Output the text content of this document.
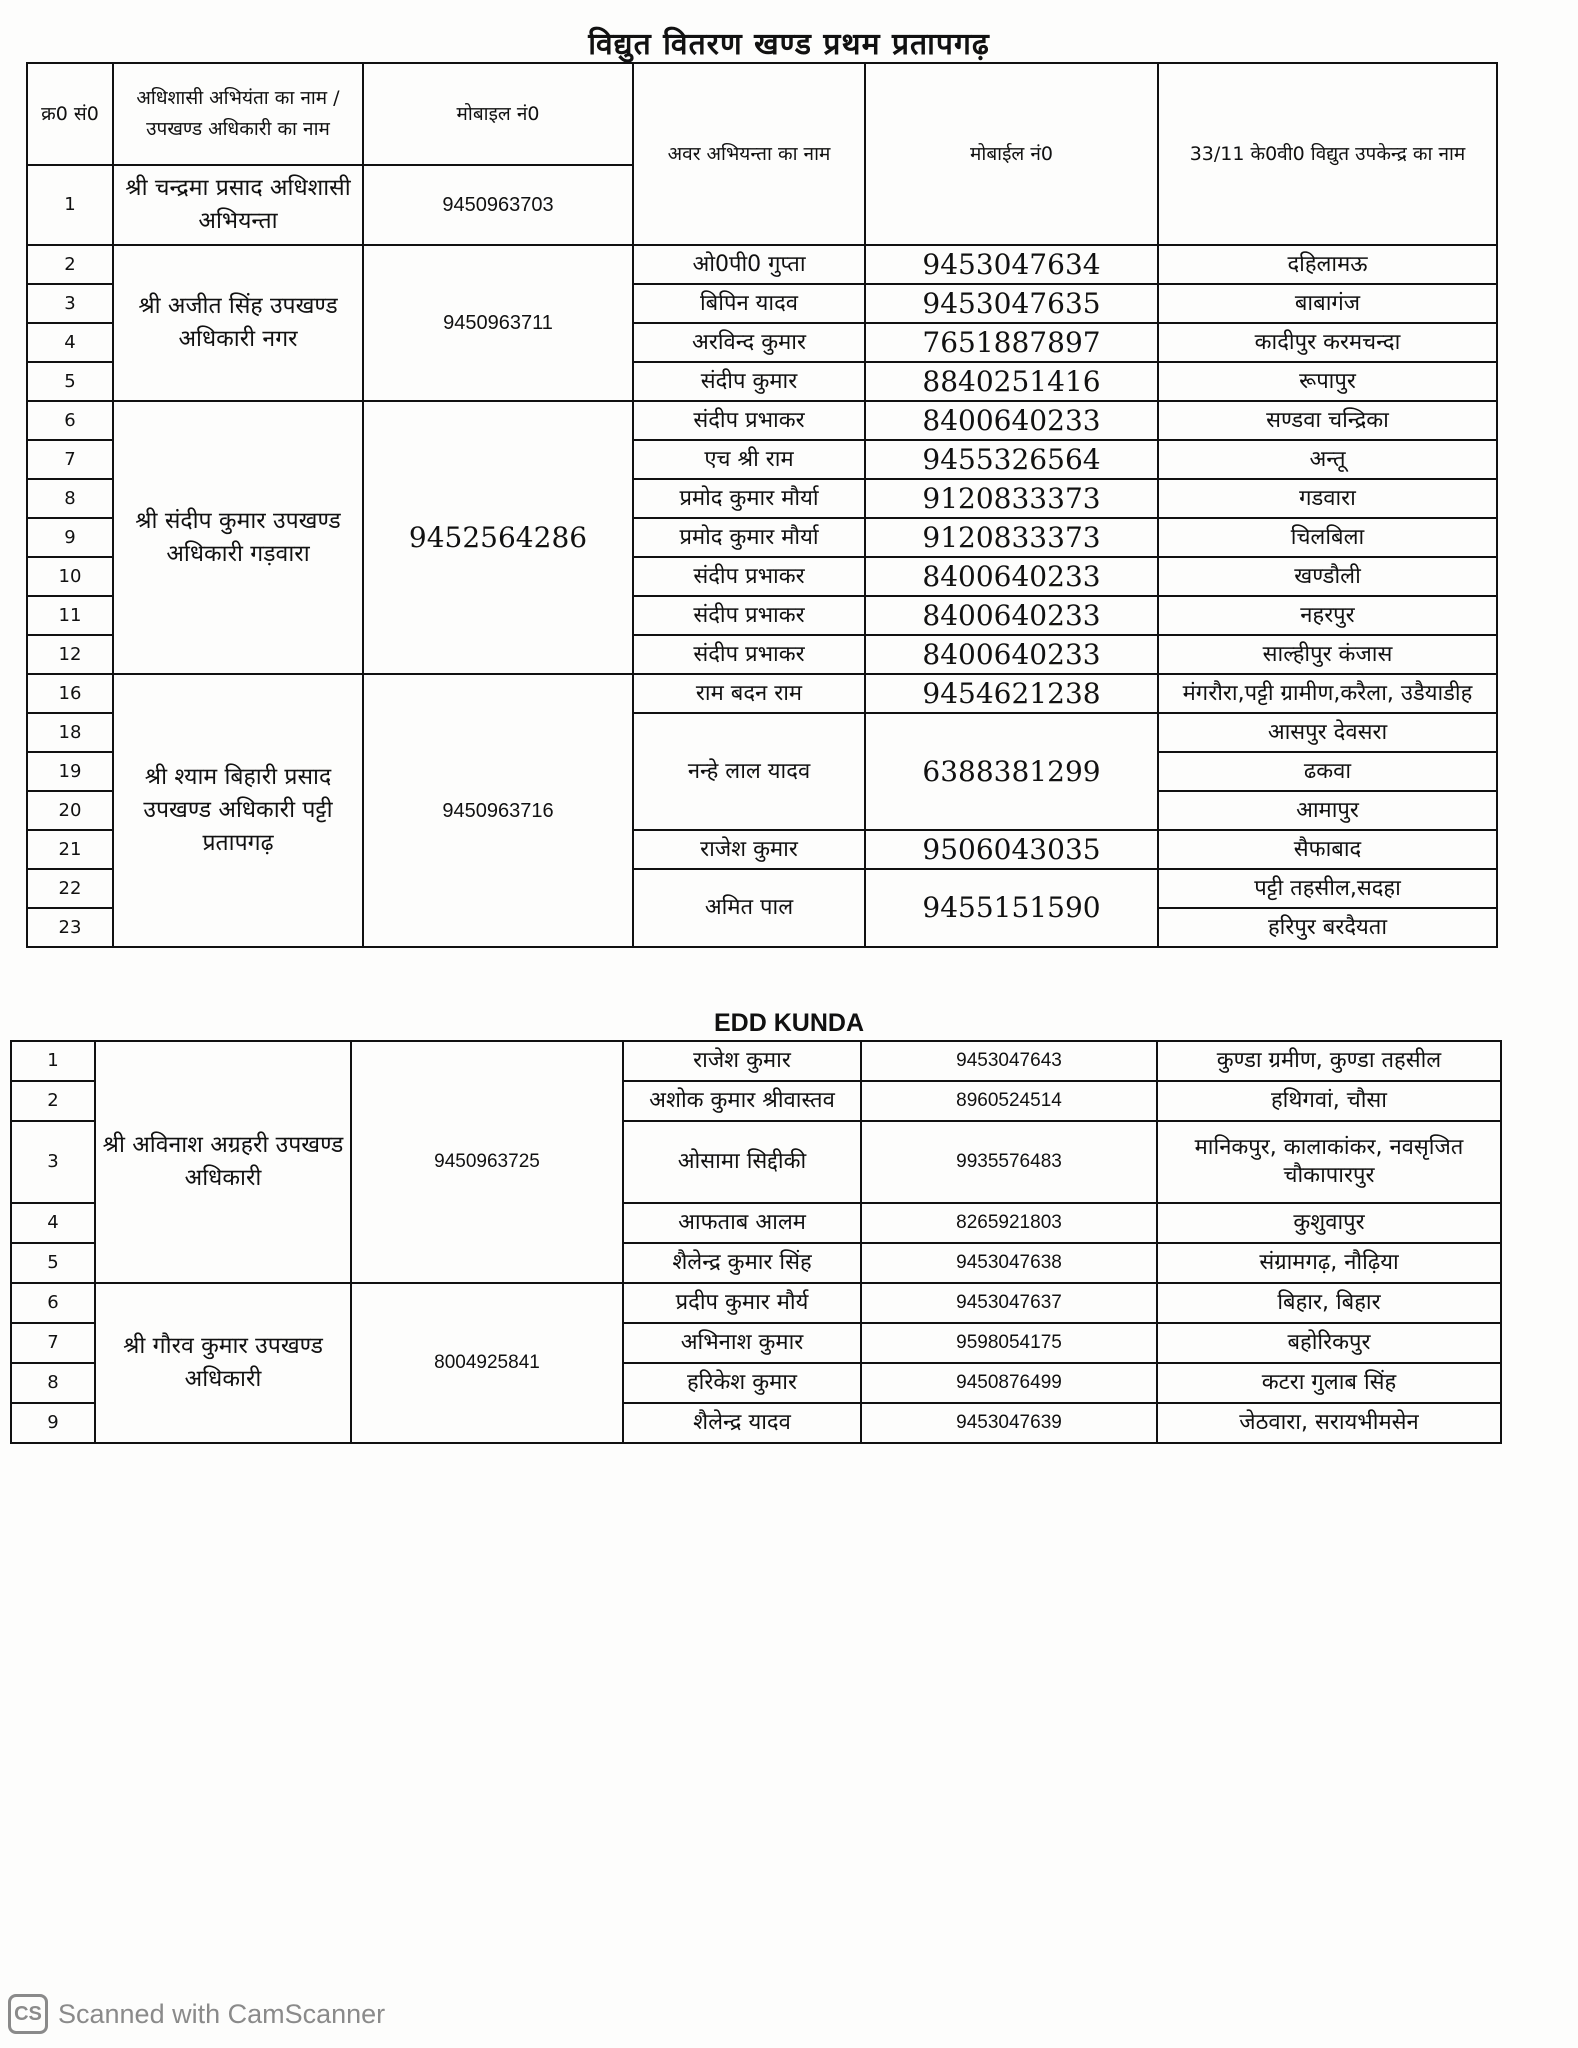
विद्युत वितरण खण्ड प्रथम प्रतापगढ़
क्र0 सं0	अधिशासी अभियंता का नाम / उपखण्ड अधिकारी का नाम	मोबाइल नं0	अवर अभियन्ता का नाम	मोबाईल नं0	33/11 के0वी0 विद्युत उपकेन्द्र का नाम
1	श्री चन्द्रमा प्रसाद अधिशासी अभियन्ता	9450963703			
2	श्री अजीत सिंह उपखण्ड अधिकारी नगर	9450963711	ओ0पी0 गुप्ता	9453047634	दहिलामऊ
3			बिपिन यादव	9453047635	बाबागंज
4			अरविन्द कुमार	7651887897	कादीपुर करमचन्दा
5			संदीप कुमार	8840251416	रूपापुर
6	श्री संदीप कुमार उपखण्ड अधिकारी गड़वारा	9452564286	संदीप प्रभाकर	8400640233	सण्डवा चन्द्रिका
7			एच श्री राम	9455326564	अन्तू
8			प्रमोद कुमार मौर्या	9120833373	गडवारा
9			प्रमोद कुमार मौर्या	9120833373	चिलबिला
10			संदीप प्रभाकर	8400640233	खण्डौली
11			संदीप प्रभाकर	8400640233	नहरपुर
12			संदीप प्रभाकर	8400640233	साल्हीपुर कंजास
16	श्री श्याम बिहारी प्रसाद उपखण्ड अधिकारी पट्टी प्रतापगढ़	9450963716	राम बदन राम	9454621238	मंगरौरा,पट्टी ग्रामीण,करैला, उडैयाडीह

18			नन्हे लाल यादव	6388381299	आसपुर देवसरा
19					ढकवा
20					आमापुर
21			राजेश कुमार	9506043035	सैफाबाद
22			अमित पाल	9455151590	पट्टी तहसील,सदहा
23					हरिपुर बरदैयता
EDD KUNDA
1	श्री अविनाश अग्रहरी उपखण्ड अधिकारी	9450963725	राजेश कुमार	9453047643	कुण्डा ग्रमीण, कुण्डा तहसील
2			अशोक कुमार श्रीवास्तव	8960524514	हथिगवां, चौसा
3			ओसामा सिद्दीकी	9935576483	मानिकपुर, कालाकांकर, नवसृजित चौकापारपुर
4			आफताब आलम	8265921803	कुशुवापुर
5			शैलेन्द्र कुमार सिंह	9453047638	संग्रामगढ़, नौढ़िया
6	श्री गौरव कुमार उपखण्ड अधिकारी	8004925841	प्रदीप कुमार मौर्य	9453047637	बिहार, बिहार
7			अभिनाश कुमार	9598054175	बहोरिकपुर
8			हरिकेश कुमार	9450876499	कटरा गुलाब सिंह
9			शैलेन्द्र यादव	9453047639	जेठवारा, सरायभीमसेन
CS Scanned with CamScanner
